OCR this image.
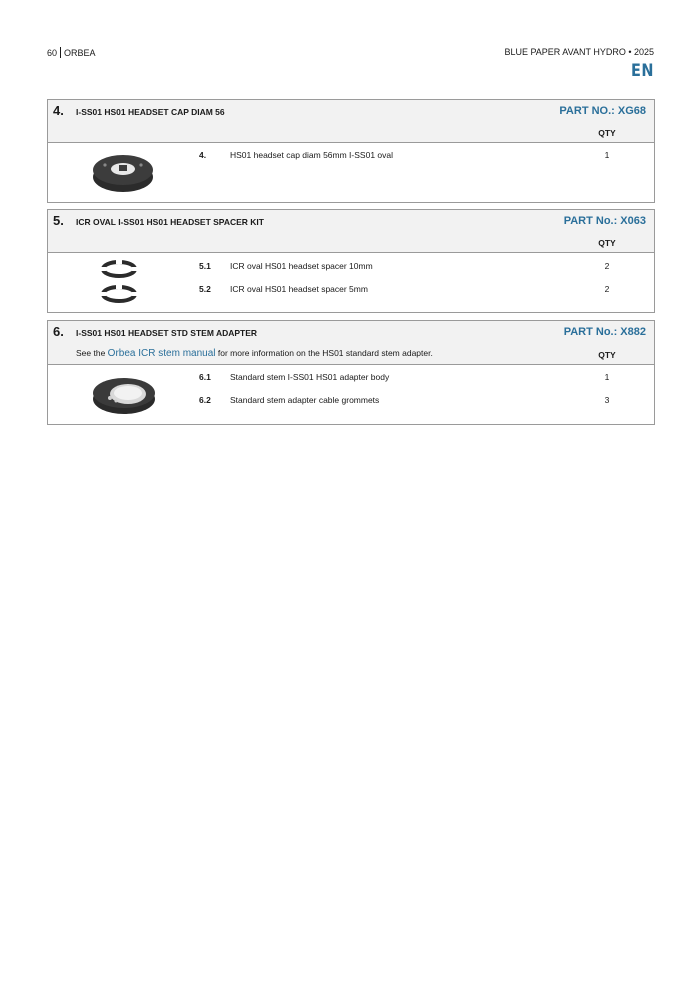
60 ORBEA	BLUE PAPER AVANT HYDRO • 2025
EN
4. I-SS01 HS01 HEADSET CAP DIAM 56	PART NO.: XG68
QTY
4.	HS01 headset cap diam 56mm I-SS01 oval	1
5. ICR OVAL I-SS01 HS01 HEADSET SPACER KIT	PART No.: X063
QTY
5.1 ICR oval HS01 headset spacer 10mm	2
5.2 ICR oval HS01 headset spacer 5mm	2
6. I-SS01 HS01 HEADSET STD STEM ADAPTER	PART No.: X882
See the Orbea ICR stem manual for more information on the HS01 standard stem adapter.	QTY
6.1 Standard stem I-SS01 HS01 adapter body	1
6.2 Standard stem adapter cable grommets	3
